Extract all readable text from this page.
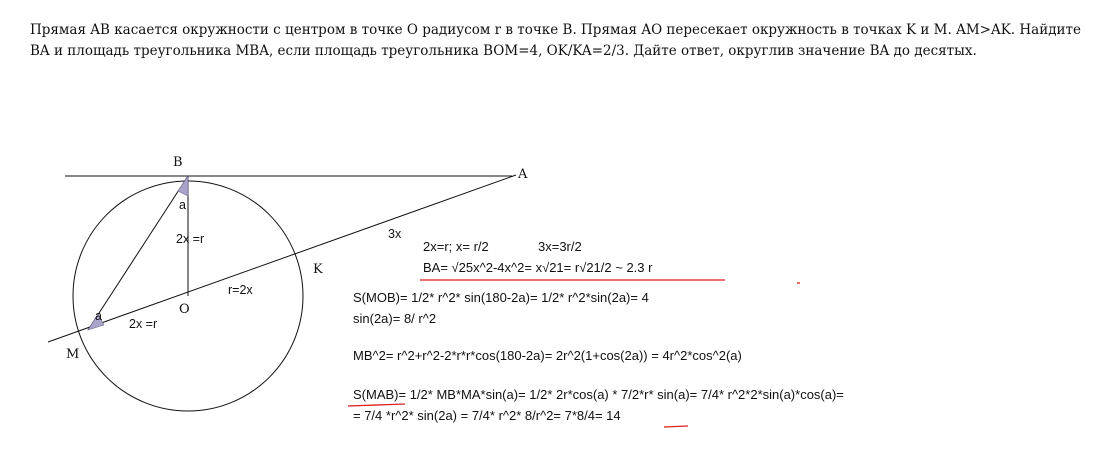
Прямая AB касается окружности с центром в точке O радиусом r в точке B. Прямая AO пересекает окружность в точках K и M. AM>AK. Найдите BA и площадь треугольника MBA, если площадь треугольника BOM=4, OK/KA=2/3. Дайте ответ, округлив значение BA до десятых.

B
A
O
K
M
a
a
2x =r
2x =r
r=2x
3x
2x=r; x= r/2	3x=3r/2
BA= √25x^2-4x^2= x√21= r√21/2 ~ 2.3 r
S(MOB)= 1/2* r^2* sin(180-2a)= 1/2* r^2*sin(2a)= 4
sin(2a)= 8/ r^2
MB^2= r^2+r^2-2*r*r*cos(180-2a)= 2r^2(1+cos(2a)) = 4r^2*cos^2(a)
S(MAB)= 1/2* MB*MA*sin(a)= 1/2* 2r*cos(a) * 7/2*r* sin(a)= 7/4* r^2*2*sin(a)*cos(a)=
= 7/4 *r^2* sin(2a) = 7/4* r^2* 8/r^2= 7*8/4= 14
